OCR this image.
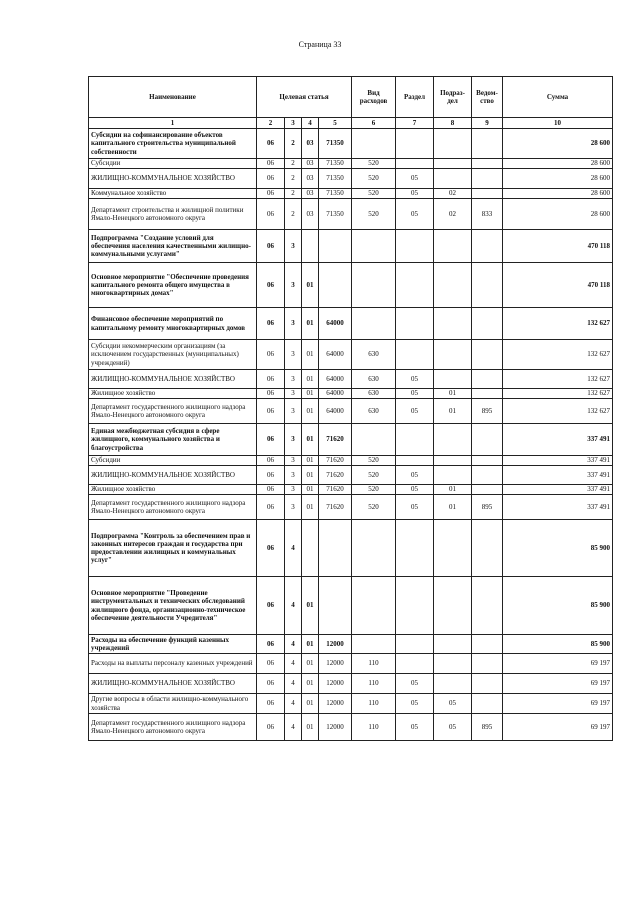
Страница 33
Наименование	Целевая статья				Вид расходов	Раздел	Подраз- дел	Ведом- ство	Сумма
1	2	3	4	5	6	7	8	9	10
Субсидии на софинансирование объектов капитального строительства муниципальной собственности	06	2	03	71350					28 600
Субсидии	06	2	03	71350	520				28 600
ЖИЛИЩНО-КОММУНАЛЬНОЕ ХОЗЯЙСТВО	06	2	03	71350	520	05			28 600
Коммунальное хозяйство	06	2	03	71350	520	05	02		28 600
Департамент строительства и жилищной политики Ямало-Ненецкого автономного округа	06	2	03	71350	520	05	02	833	28 600
Подпрограмма "Создание условий для обеспечения населения качественными жилищно-коммунальными услугами"	06	3							470 118
Основное мероприятие "Обеспечение проведения капитального ремонта общего имущества в многоквартирных домах"	06	3	01						470 118
Финансовое обеспечение мероприятий по капитальному ремонту многоквартирных домов	06	3	01	64000					132 627
Субсидии некоммерческим организациям (за исключением государственных (муниципальных) учреждений)	06	3	01	64000	630				132 627
ЖИЛИЩНО-КОММУНАЛЬНОЕ ХОЗЯЙСТВО	06	3	01	64000	630	05			132 627
Жилищное хозяйство	06	3	01	64000	630	05	01		132 627
Департамент государственного жилищного надзора Ямало-Ненецкого автономного округа	06	3	01	64000	630	05	01	895	132 627
Единая межбюджетная субсидия в сфере жилищного, коммунального хозяйства и благоустройства	06	3	01	71620					337 491
Субсидии	06	3	01	71620	520				337 491
ЖИЛИЩНО-КОММУНАЛЬНОЕ ХОЗЯЙСТВО	06	3	01	71620	520	05			337 491
Жилищное хозяйство	06	3	01	71620	520	05	01		337 491
Департамент государственного жилищного надзора Ямало-Ненецкого автономного округа	06	3	01	71620	520	05	01	895	337 491
Подпрограмма "Контроль за обеспечением прав и законных интересов граждан и государства при предоставлении жилищных и коммунальных услуг"	06	4							85 900
Основное мероприятие "Проведение инструментальных и технических обследований жилищного фонда, организационно-техническое обеспечение деятельности Учредителя"	06	4	01						85 900
Расходы на обеспечение функций казенных учреждений	06	4	01	12000					85 900
Расходы на выплаты персоналу казенных учреждений	06	4	01	12000	110				69 197
ЖИЛИЩНО-КОММУНАЛЬНОЕ ХОЗЯЙСТВО	06	4	01	12000	110	05			69 197
Другие вопросы в области жилищно-коммунального хозяйства	06	4	01	12000	110	05	05		69 197
Департамент государственного жилищного надзора Ямало-Ненецкого автономного округа	06	4	01	12000	110	05	05	895	69 197
